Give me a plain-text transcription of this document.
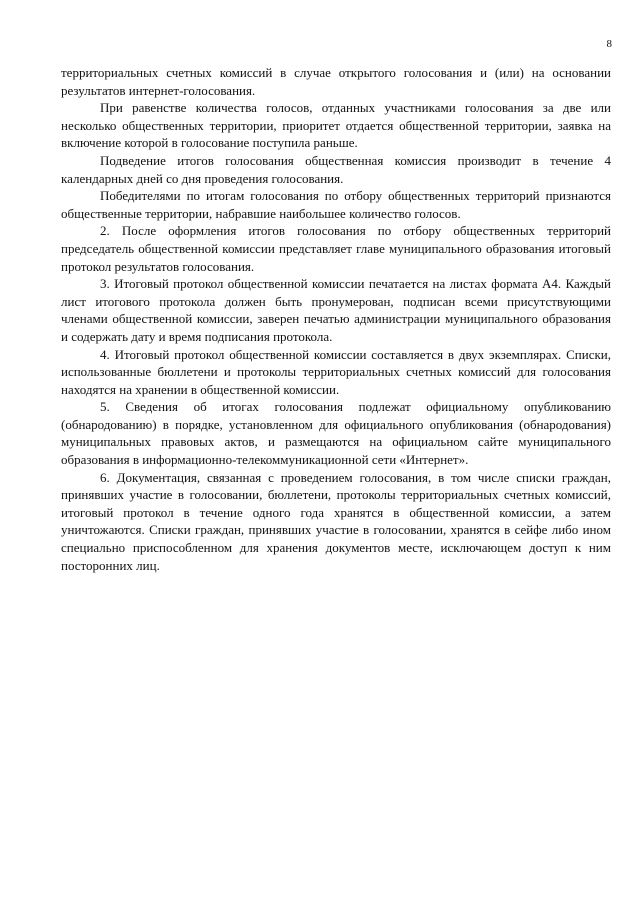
8

территориальных счетных комиссий в случае открытого голосования и (или) на основании результатов интернет-голосования.

При равенстве количества голосов, отданных участниками голосования за две или несколько общественных территории, приоритет отдается общественной территории, заявка на включение которой в голосование поступила раньше.

Подведение итогов голосования общественная комиссия производит в течение 4 календарных дней со дня проведения голосования.

Победителями по итогам голосования по отбору общественных территорий признаются общественные территории, набравшие наибольшее количество голосов.

2. После оформления итогов голосования по отбору общественных территорий председатель общественной комиссии представляет главе муниципального образования итоговый протокол результатов голосования.

3. Итоговый протокол общественной комиссии печатается на листах формата А4. Каждый лист итогового протокола должен быть пронумерован, подписан всеми присутствующими членами общественной комиссии, заверен печатью администрации муниципального образования и содержать дату и время подписания протокола.

4. Итоговый протокол общественной комиссии составляется в двух экземплярах. Списки, использованные бюллетени и протоколы территориальных счетных комиссий для голосования находятся на хранении в общественной комиссии.

5. Сведения об итогах голосования подлежат официальному опубликованию (обнародованию) в порядке, установленном для официального опубликования (обнародования) муниципальных правовых актов, и размещаются на официальном сайте муниципального образования в информационно-телекоммуникационной сети «Интернет».

6. Документация, связанная с проведением голосования, в том числе списки граждан, принявших участие в голосовании, бюллетени, протоколы территориальных счетных комиссий, итоговый протокол в течение одного года хранятся в общественной комиссии, а затем уничтожаются. Списки граждан, принявших участие в голосовании, хранятся в сейфе либо ином специально приспособленном для хранения документов месте, исключающем доступ к ним посторонних лиц.
